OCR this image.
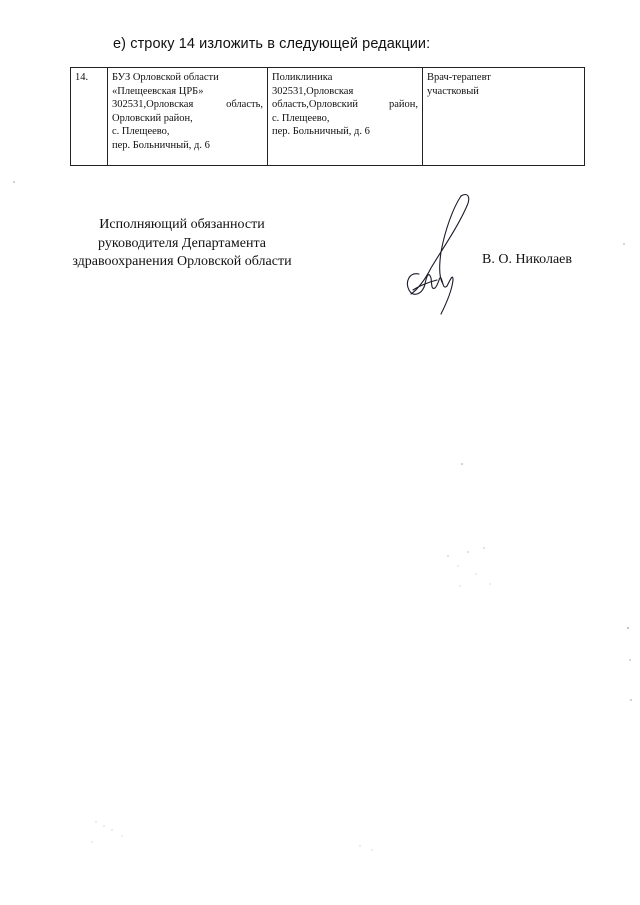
е) строку 14 изложить в следующей редакции:
14.	БУЗ Орловской области
«Плещеевская ЦРБ»
302531,Орловская	область,
Орловский район,
с. Плещеево,
пер. Больничный, д. 6

Поликлиника
302531,Орловская
область,Орловский	район,
с. Плещеево,
пер. Больничный, д. 6

Врач-терапевт
участковый
Исполняющий обязанности
руководителя Департамента
здравоохранения Орловской области	В. О. Николаев
